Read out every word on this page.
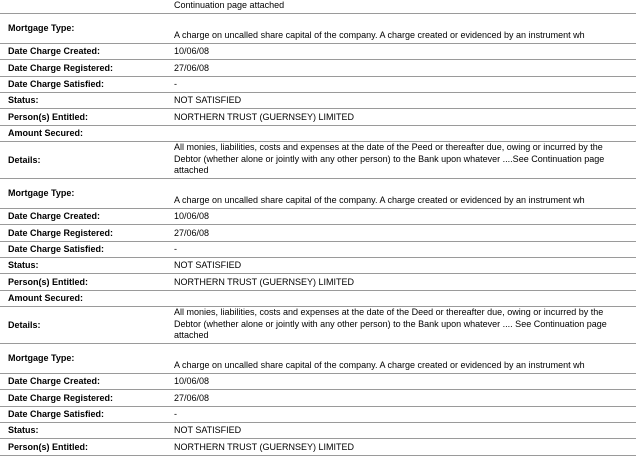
Continuation page attached
Mortgage Type:
A charge on uncalled share capital of the company. A charge created or evidenced by an instrument wh
Date Charge Created:	10/06/08
Date Charge Registered:	27/06/08
Date Charge Satisfied:	-
Status:	NOT SATISFIED
Person(s) Entitled:	NORTHERN TRUST (GUERNSEY) LIMITED
Amount Secured:
Details:
All monies, liabilities, costs and expenses at the date of the Peed or thereafter due, owing or incurred by the Debtor (whether alone or jointly with any other person) to the Bank upon whatever ....See Continuation page attached
Mortgage Type:
A charge on uncalled share capital of the company. A charge created or evidenced by an instrument wh
Date Charge Created:	10/06/08
Date Charge Registered:	27/06/08
Date Charge Satisfied:	-
Status:	NOT SATISFIED
Person(s) Entitled:	NORTHERN TRUST (GUERNSEY) LIMITED
Amount Secured:
Details:
All monies, liabilities, costs and expenses at the date of the Deed or thereafter due, owing or incurred by the Debtor (whether alone or jointly with any other person) to the Bank upon whatever .... See Continuation page attached
Mortgage Type:
A charge on uncalled share capital of the company. A charge created or evidenced by an instrument wh
Date Charge Created:	10/06/08
Date Charge Registered:	27/06/08
Date Charge Satisfied:	-
Status:	NOT SATISFIED
Person(s) Entitled:	NORTHERN TRUST (GUERNSEY) LIMITED
